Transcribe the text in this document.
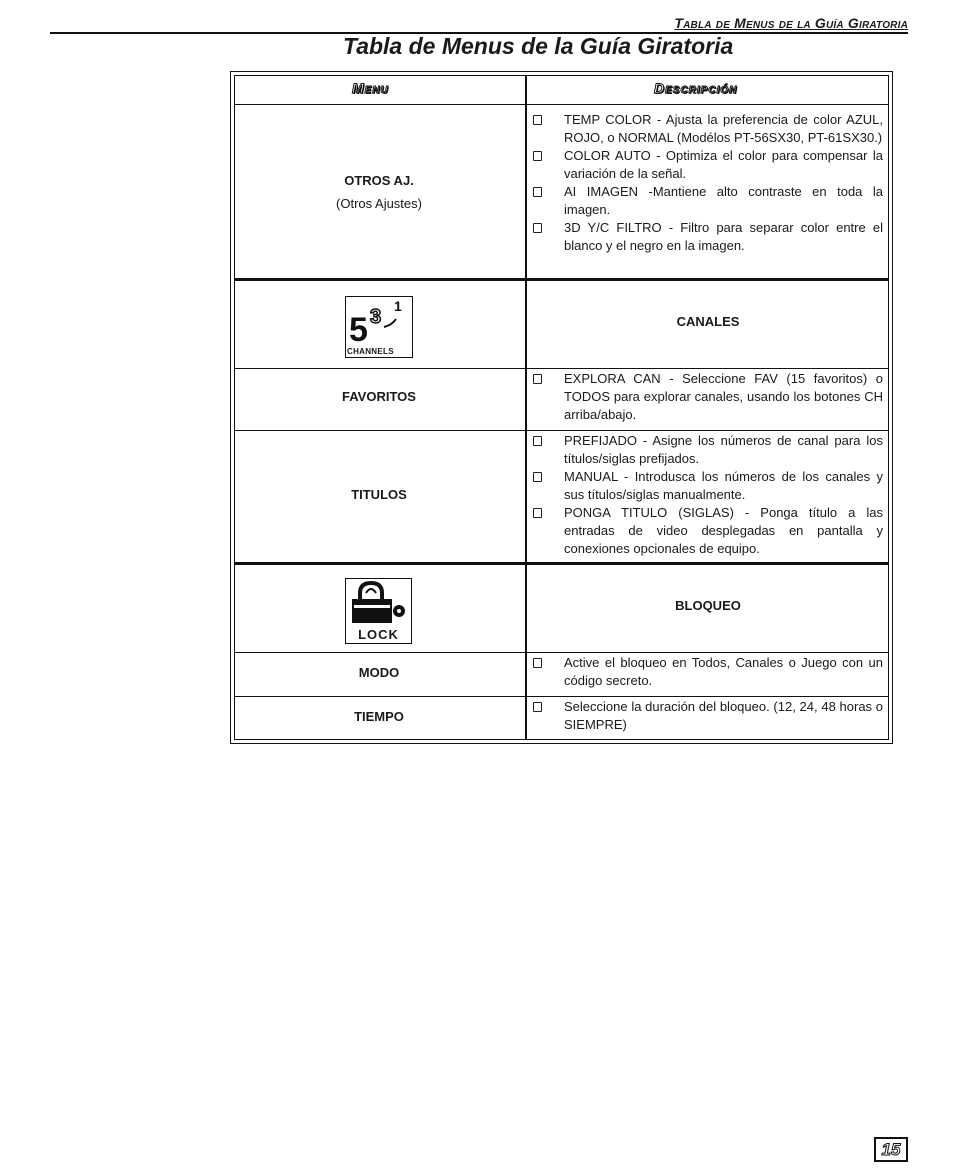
Tabla de Menus de la Guía Giratoria
Tabla de Menus de la Guía Giratoria
Menu	Descripción
OTROS AJ.
(Otros Ajustes)
TEMP COLOR - Ajusta la preferencia de color AZUL, ROJO, o NORMAL (Modélos PT-56SX30, PT-61SX30.)
COLOR AUTO - Optimiza el color para compensar la variación de la señal.
AI IMAGEN -Mantiene alto contraste en toda la imagen.
3D Y/C FILTRO - Filtro para separar color entre el blanco y el negro en la imagen.
5 3 1
CHANNELS
CANALES
FAVORITOS
EXPLORA CAN - Seleccione FAV (15 favoritos) o TODOS para explorar canales, usando los botones CH arriba/abajo.
TITULOS
PREFIJADO - Asigne los números de canal para los títulos/siglas prefijados.
MANUAL - Introdusca los números de los canales y sus títulos/siglas manualmente.
PONGA TITULO (SIGLAS) - Ponga título a las entradas de video desplegadas en pantalla y conexiones opcionales de equipo.
LOCK
BLOQUEO
MODO
Active el bloqueo en Todos, Canales o Juego con un código secreto.
TIEMPO
Seleccione la duración del bloqueo. (12, 24, 48 horas o SIEMPRE)
15
